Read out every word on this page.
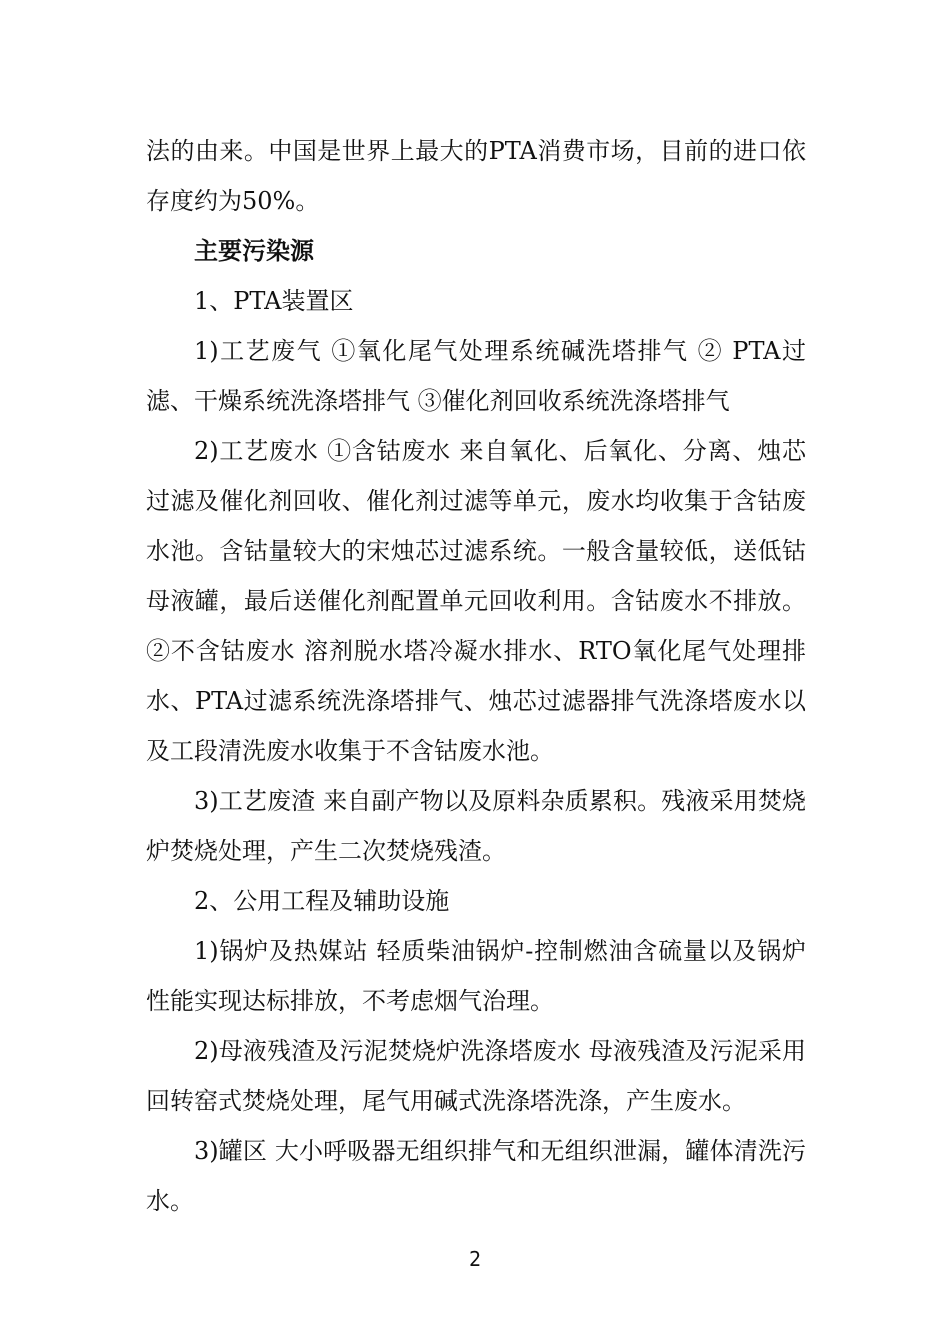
法的由来。中国是世界上最大的PTA消费市场，目前的进口依存度约为50%。

主要污染源

1、PTA装置区

1)工艺废气 ①氧化尾气处理系统碱洗塔排气 ② PTA过滤、干燥系统洗涤塔排气 ③催化剂回收系统洗涤塔排气

2)工艺废水 ①含钴废水 来自氧化、后氧化、分离、烛芯过滤及催化剂回收、催化剂过滤等单元，废水均收集于含钴废水池。含钴量较大的宋烛芯过滤系统。一般含量较低，送低钴母液罐，最后送催化剂配置单元回收利用。含钴废水不排放。②不含钴废水 溶剂脱水塔冷凝水排水、RTO氧化尾气处理排水、PTA过滤系统洗涤塔排气、烛芯过滤器排气洗涤塔废水以及工段清洗废水收集于不含钴废水池。

3)工艺废渣 来自副产物以及原料杂质累积。残液采用焚烧炉焚烧处理，产生二次焚烧残渣。

2、公用工程及辅助设施

1)锅炉及热媒站 轻质柴油锅炉-控制燃油含硫量以及锅炉性能实现达标排放，不考虑烟气治理。

2)母液残渣及污泥焚烧炉洗涤塔废水 母液残渣及污泥采用回转窑式焚烧处理，尾气用碱式洗涤塔洗涤，产生废水。

3)罐区 大小呼吸器无组织排气和无组织泄漏，罐体清洗污水。

2
